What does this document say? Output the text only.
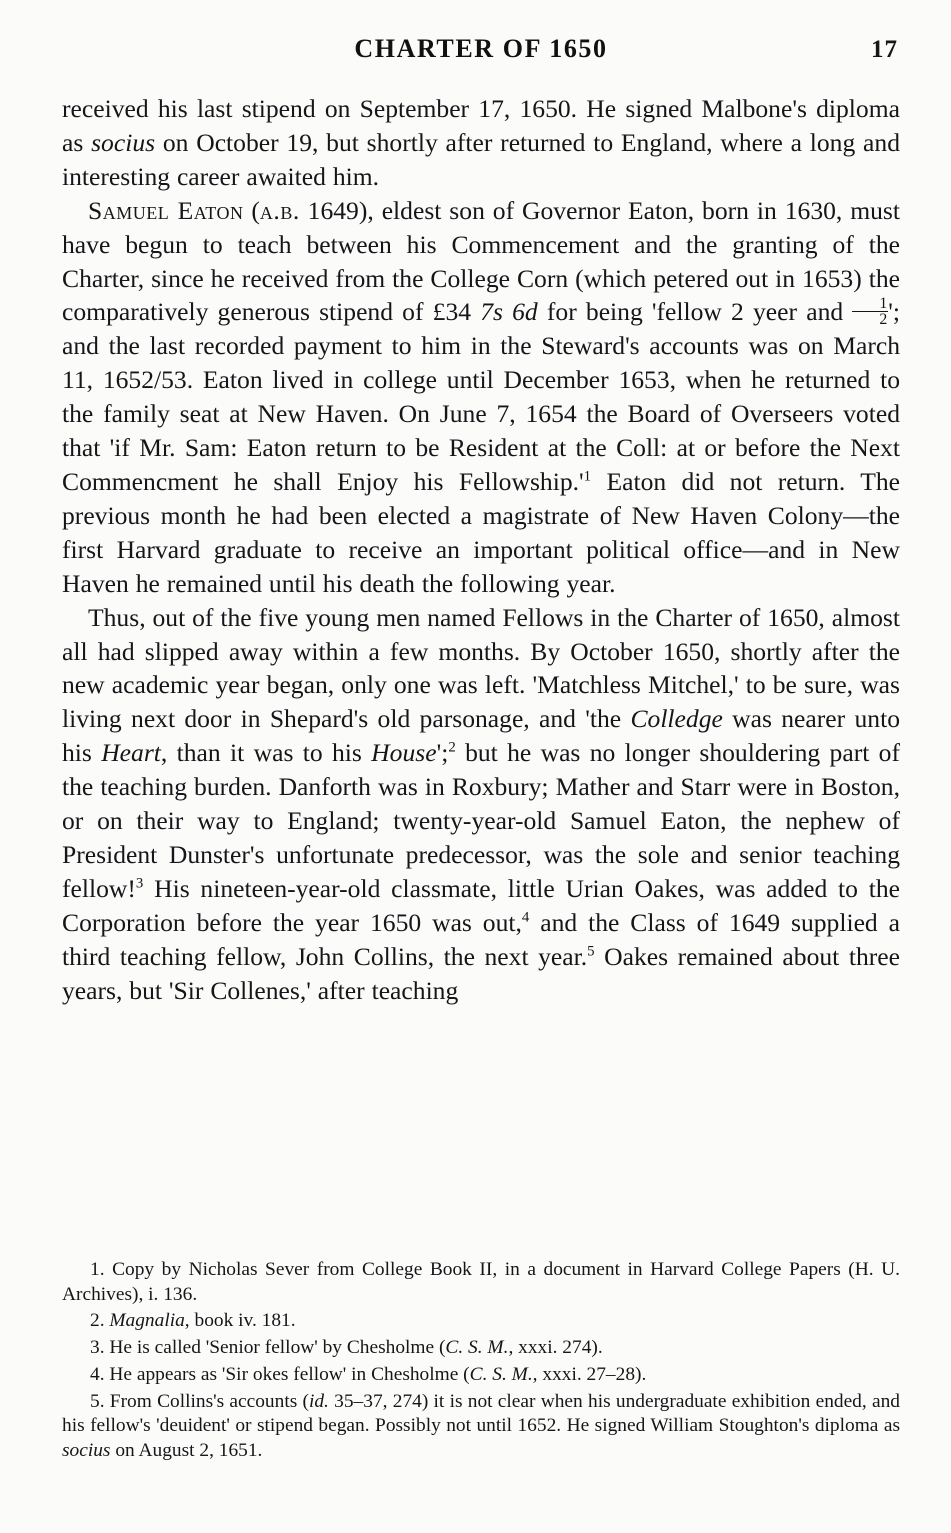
CHARTER OF 1650	17

received his last stipend on September 17, 1650. He signed Malbone's diploma as socius on October 19, but shortly after returned to England, where a long and interesting career awaited him.

Samuel Eaton (a.b. 1649), eldest son of Governor Eaton, born in 1630, must have begun to teach between his Commencement and the granting of the Charter, since he received from the College Corn (which petered out in 1653) the comparatively generous stipend of £34 7s 6d for being 'fellow 2 yeer and $\frac{1}{2}$ '; and the last recorded payment to him in the Steward's accounts was on March 11, 1652/53. Eaton lived in college until December 1653, when he returned to the family seat at New Haven. On June 7, 1654 the Board of Overseers voted that 'if Mr. Sam: Eaton return to be Resident at the Coll: at or before the Next Commencment he shall Enjoy his $Fellowship.'^1$ Eaton did not return. The previous month he had been elected a magistrate of New Haven Colony—the first Harvard graduate to receive an important political office—and in New Haven he remained until his death the following year.

Thus, out of the five young men named Fellows in the Charter of 1650, almost all had slipped away within a few months. By October 1650, shortly after the new academic year began, only one was left. 'Matchless Mitchel,' to be sure, was living next door in Shepard's old parsonage, and 'the Colledge was nearer unto his Heart, than it was to his House';$^2$ but he was no longer shouldering part of the teaching burden. Danforth was in Roxbury; Mather and Starr were in Boston, or on their way to England; twenty-year-old Samuel Eaton, the nephew of President Dunster's unfortunate predecessor, was the sole and senior teaching fellow!$^3$ His nineteen-year-old classmate, little Urian Oakes, was added to the Corporation before the year 1650 was out,$^4$ and the Class of 1649 supplied a third teaching fellow, John Collins, the next year.$^5$ Oakes remained about three years, but 'Sir Collenes,' after teaching

1. Copy by Nicholas Sever from College Book II, in a document in Harvard College Papers (H. U. Archives), i. 136.

2. Magnalia, book iv. 181.

3. He is called 'Senior fellow' by Chesholme (C. S. M., xxxi. 274).

4. He appears as 'Sir okes fellow' in Chesholme (C. S. M., xxxi. 27–28).

5. From Collins's accounts (id. 35–37, 274) it is not clear when his undergraduate exhibition ended, and his fellow's 'deuident' or stipend began. Possibly not until 1652. He signed William Stoughton's diploma as socius on August 2, 1651.
